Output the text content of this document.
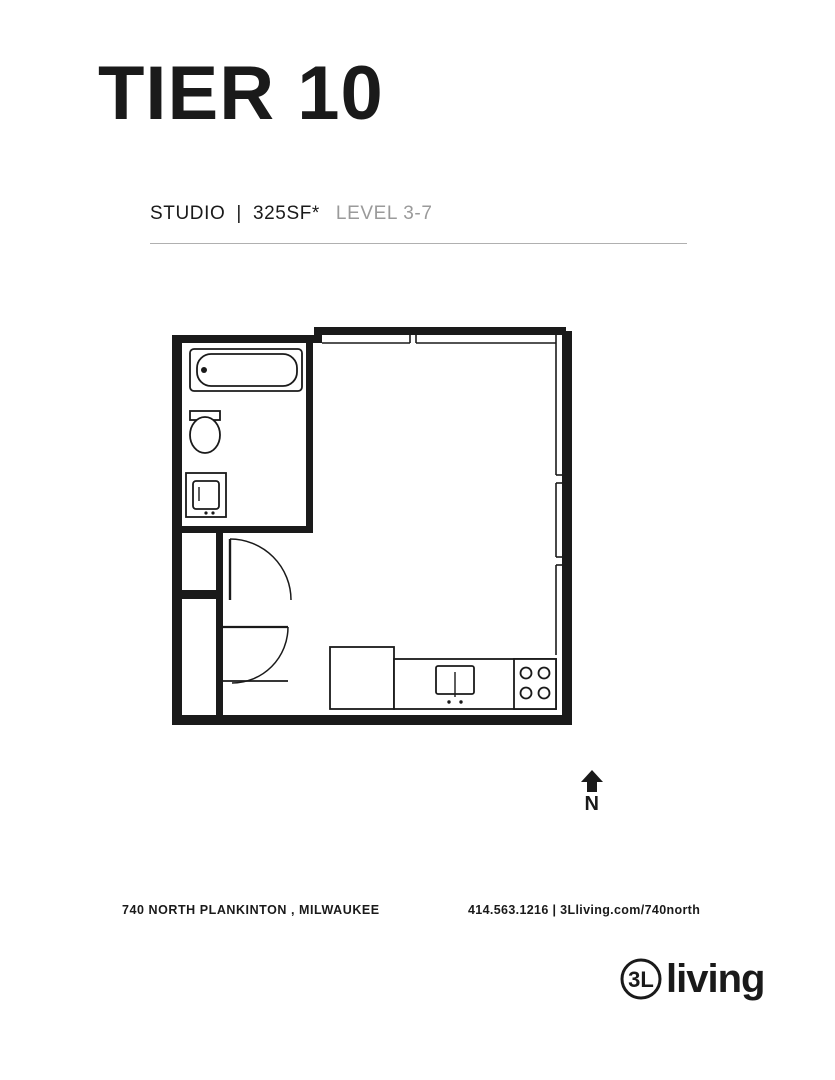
TIER 10
STUDIO | 325SF* LEVEL 3-7
N
740 NORTH PLANKINTON , MILWAUKEE	414.563.1216 | 3Lliving.com/740north
3L living
